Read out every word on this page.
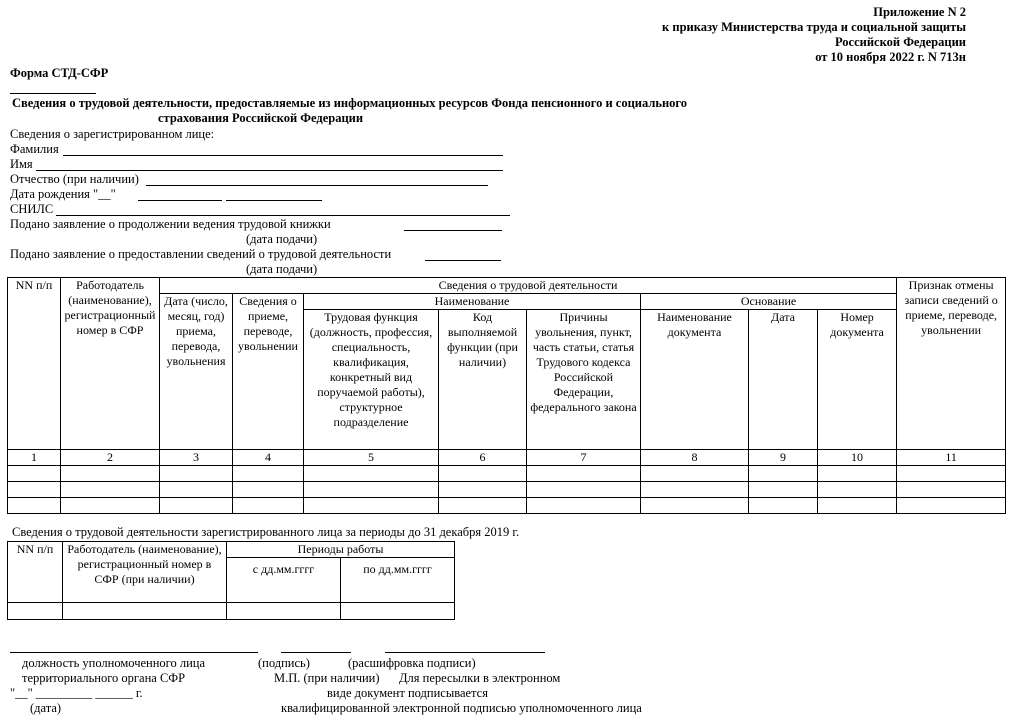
Приложение N 2
к приказу Министерства труда и социальной защиты
Российской Федерации
от 10 ноября 2022 г. N 713н
Форма СТД-СФР
Сведения о трудовой деятельности, предоставляемые из информационных ресурсов Фонда пенсионного и социального
страхования Российской Федерации
Сведения о зарегистрированном лице:
Фамилия
Имя
Отчество (при наличии)
Дата рождения "__"
СНИЛС
Подано заявление о продолжении ведения трудовой книжки
(дата подачи)
Подано заявление о предоставлении сведений о трудовой деятельности
(дата подачи)
NN п/п	Работодатель (наименование), регистрационный номер в СФР	Сведения о трудовой деятельности								Признак отмены записи сведений о приеме, переводе, увольнении
		Дата (число, месяц, год) приема, перевода, увольнения	Сведения о приеме, переводе, увольнении	Наименование			Основание			
				Трудовая функция (должность, профессия, специальность, квалификация, конкретный вид поручаемой работы), структурное подразделение	Код выполняемой функции (при наличии)	Причины увольнения, пункт, часть статьи, статья Трудового кодекса Российской Федерации, федерального закона	Наименование документа	Дата	Номер документа	
1	2	3	4	5	6	7	8	9	10	11

Сведения о трудовой деятельности зарегистрированного лица за периоды до 31 декабря 2019 г.
NN п/п	Работодатель (наименование), регистрационный номер в СФР (при наличии)	Периоды работы	
		с дд.мм.гггг	по дд.мм.гггг

должность уполномоченного лица	(подпись)	(расшифровка подписи)
территориального органа СФР	М.П. (при наличии) Для пересылки в электронном
"__" _________ ______ г.	виде документ подписывается
(дата)	квалифицированной электронной подписью уполномоченного лица
